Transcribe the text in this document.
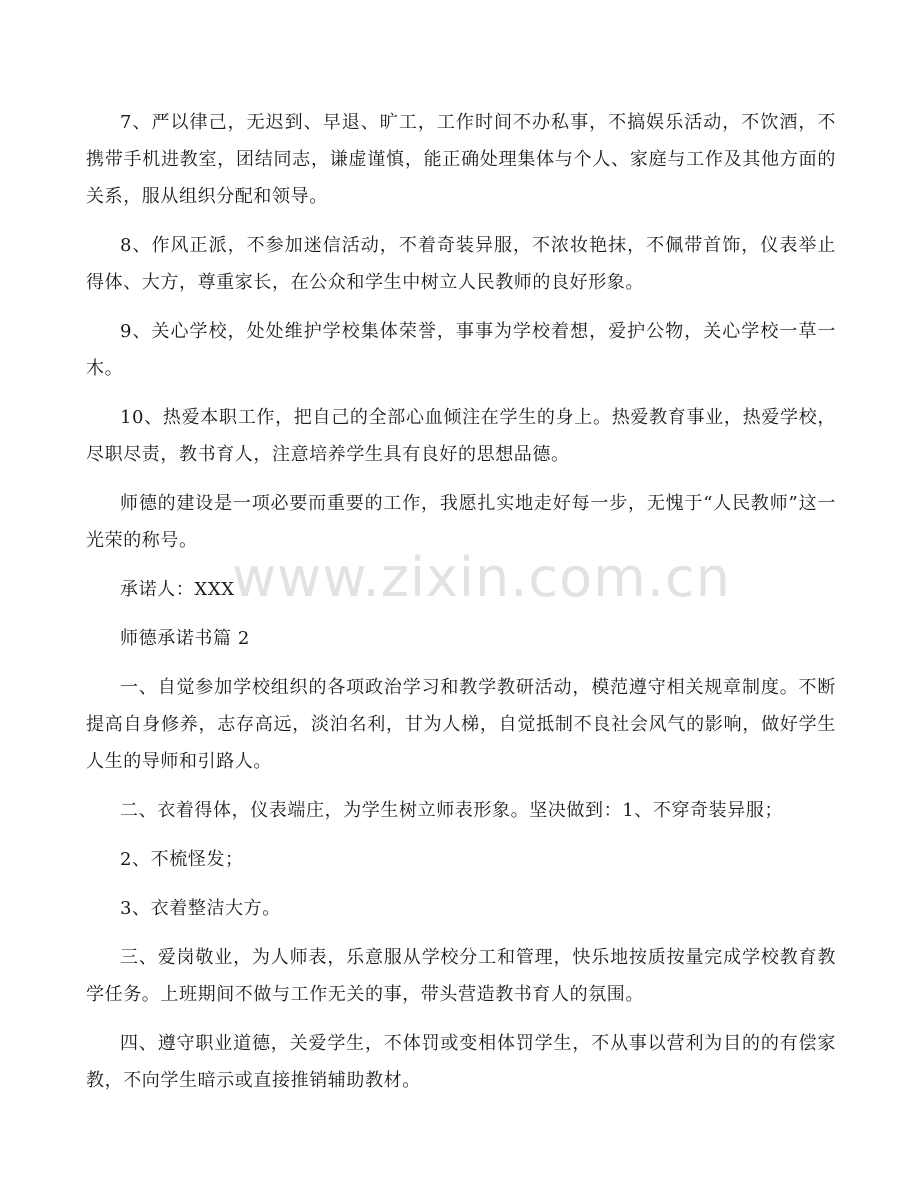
7、严以律己，无迟到、早退、旷工，工作时间不办私事，不搞娱乐活动，不饮酒，不携带手机进教室，团结同志，谦虚谨慎，能正确处理集体与个人、家庭与工作及其他方面的关系，服从组织分配和领导。

8、作风正派，不参加迷信活动，不着奇装异服，不浓妆艳抹，不佩带首饰，仪表举止得体、大方，尊重家长，在公众和学生中树立人民教师的良好形象。

9、关心学校，处处维护学校集体荣誉，事事为学校着想，爱护公物，关心学校一草一木。

10、热爱本职工作，把自己的全部心血倾注在学生的身上。热爱教育事业，热爱学校，尽职尽责，教书育人，注意培养学生具有良好的思想品德。

师德的建设是一项必要而重要的工作，我愿扎实地走好每一步，无愧于“人民教师”这一光荣的称号。

承诺人：XXX

师德承诺书篇 2

一、自觉参加学校组织的各项政治学习和教学教研活动，模范遵守相关规章制度。不断提高自身修养，志存高远，淡泊名利，甘为人梯，自觉抵制不良社会风气的影响，做好学生人生的导师和引路人。

二、衣着得体，仪表端庄，为学生树立师表形象。坚决做到：1、不穿奇装异服；

2、不梳怪发；

3、衣着整洁大方。

三、爱岗敬业，为人师表，乐意服从学校分工和管理，快乐地按质按量完成学校教育教学任务。上班期间不做与工作无关的事，带头营造教书育人的氛围。

四、遵守职业道德，关爱学生，不体罚或变相体罚学生，不从事以营利为目的的有偿家教，不向学生暗示或直接推销辅助教材。

www.zixin.com.cn
